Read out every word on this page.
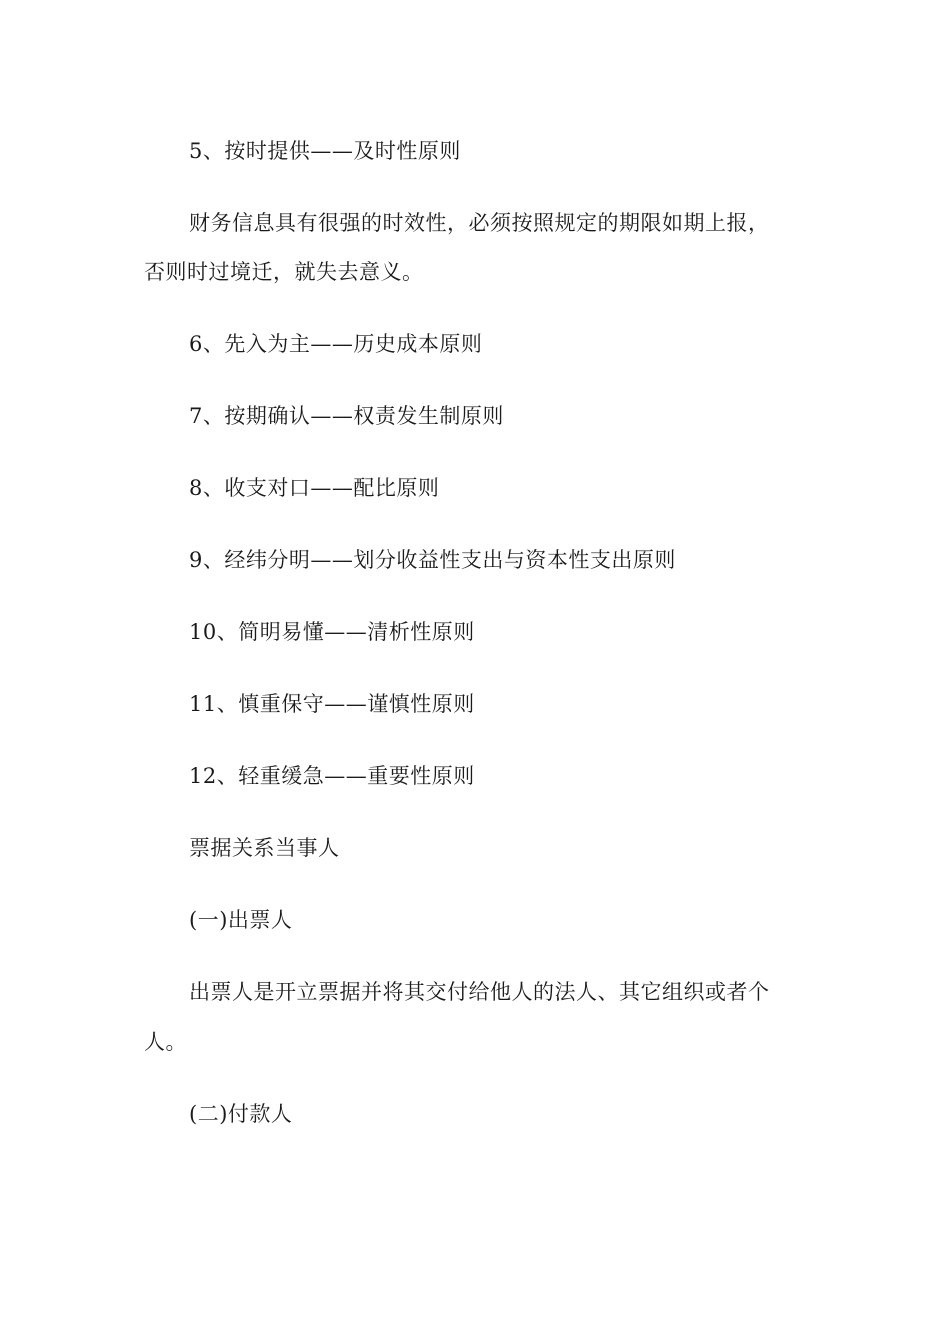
5、按时提供——及时性原则

财务信息具有很强的时效性，必须按照规定的期限如期上报，

否则时过境迁，就失去意义。

6、先入为主——历史成本原则

7、按期确认——权责发生制原则

8、收支对口——配比原则

9、经纬分明——划分收益性支出与资本性支出原则

10、简明易懂——清析性原则

11、慎重保守——谨慎性原则

12、轻重缓急——重要性原则

票据关系当事人

(一)出票人

出票人是开立票据并将其交付给他人的法人、其它组织或者个

人。

(二)付款人
